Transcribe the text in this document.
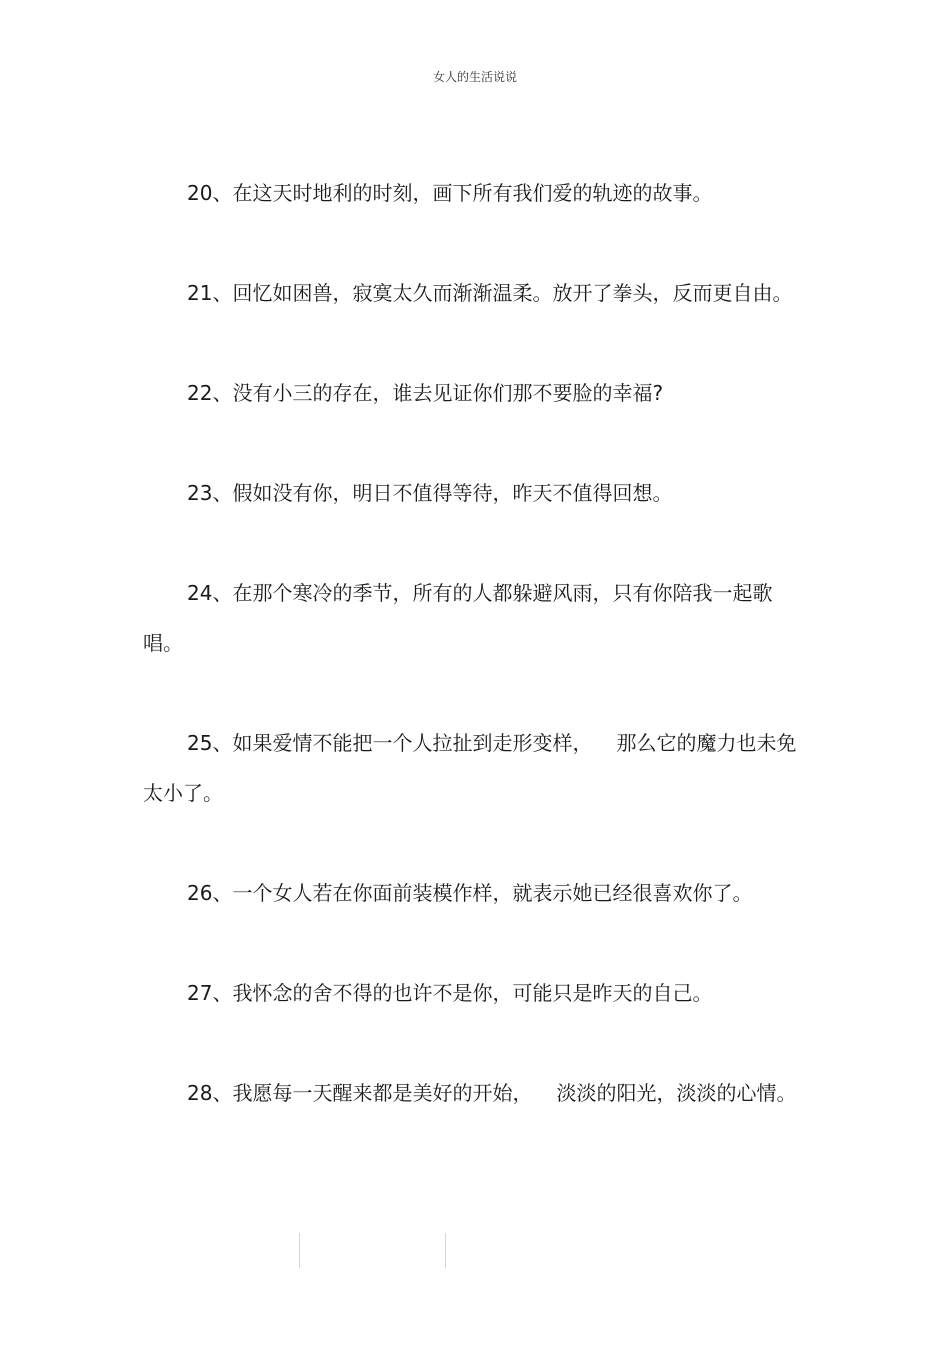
女人的生活说说

20、在这天时地利的时刻，画下所有我们爱的轨迹的故事。

21、回忆如困兽，寂寞太久而渐渐温柔。放开了拳头，反而更自由。

22、没有小三的存在，谁去见证你们那不要脸的幸福?

23、假如没有你，明日不值得等待，昨天不值得回想。

24、在那个寒冷的季节，所有的人都躲避风雨，只有你陪我一起歌唱。

25、如果爱情不能把一个人拉扯到走形变样， 那么它的魔力也未免太小了。

26、一个女人若在你面前装模作样，就表示她已经很喜欢你了。

27、我怀念的舍不得的也许不是你，可能只是昨天的自己。

28、我愿每一天醒来都是美好的开始， 淡淡的阳光，淡淡的心情。
